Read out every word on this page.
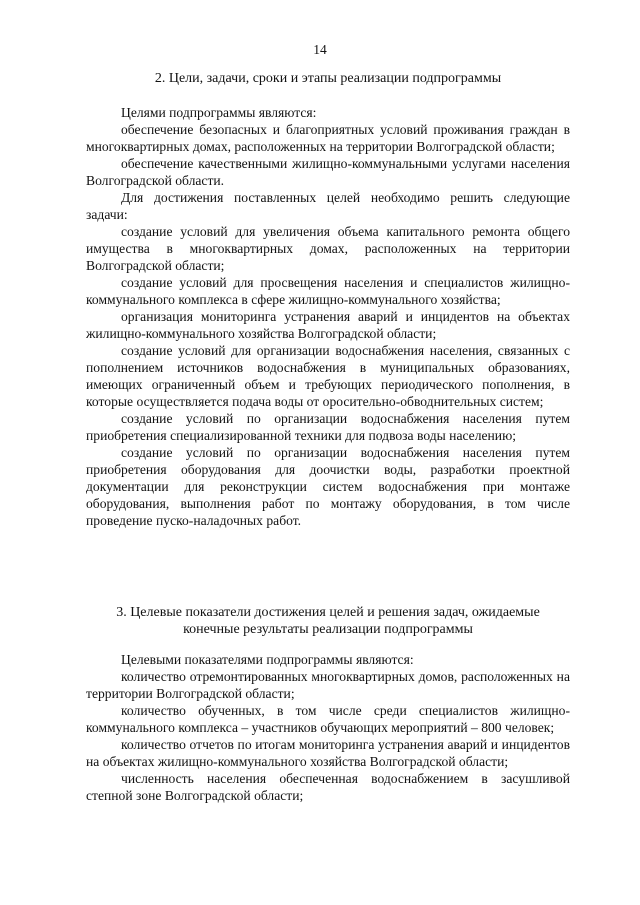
14
2. Цели, задачи, сроки и этапы реализации подпрограммы

Целями подпрограммы являются:

обеспечение безопасных и благоприятных условий проживания граждан в многоквартирных домах, расположенных на территории Волгоградской области;

обеспечение качественными жилищно-коммунальными услугами населения Волгоградской области.

Для достижения поставленных целей необходимо решить следующие задачи:

создание условий для увеличения объема капитального ремонта общего имущества в многоквартирных домах, расположенных на территории Волгоградской области;

создание условий для просвещения населения и специалистов жилищно-коммунального комплекса в сфере жилищно-коммунального хозяйства;

организация мониторинга устранения аварий и инцидентов на объектах жилищно-коммунального хозяйства Волгоградской области;

создание условий для организации водоснабжения населения, связанных с пополнением источников водоснабжения в муниципальных образованиях, имеющих ограниченный объем и требующих периодического пополнения, в которые осуществляется подача воды от оросительно-обводнительных систем;

создание условий по организации водоснабжения населения путем приобретения специализированной техники для подвоза воды населению;

создание условий по организации водоснабжения населения путем приобретения оборудования для доочистки воды, разработки проектной документации для реконструкции систем водоснабжения при монтаже оборудования, выполнения работ по монтажу оборудования, в том числе проведение пуско-наладочных работ.

3. Целевые показатели достижения целей и решения задач, ожидаемые
конечные результаты реализации подпрограммы

Целевыми показателями подпрограммы являются:

количество отремонтированных многоквартирных домов, расположенных на территории Волгоградской области;

количество обученных, в том числе среди специалистов жилищно-коммунального комплекса – участников обучающих мероприятий – 800 человек;

количество отчетов по итогам мониторинга устранения аварий и инцидентов на объектах жилищно-коммунального хозяйства Волгоградской области;

численность населения обеспеченная водоснабжением в засушливой степной зоне Волгоградской области;
